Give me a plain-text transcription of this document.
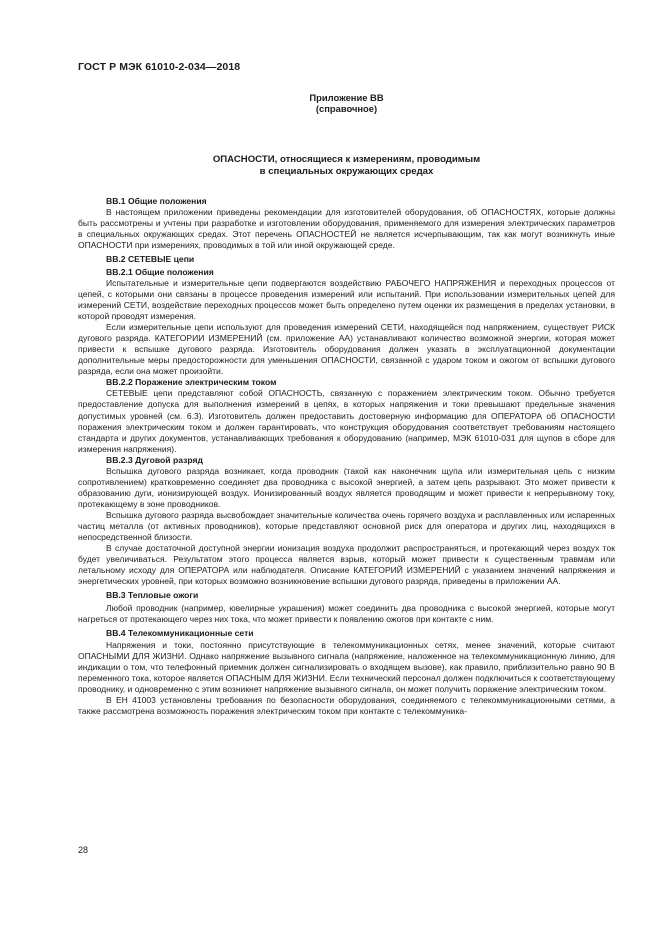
ГОСТ Р МЭК 61010-2-034—2018
Приложение ВВ
(справочное)
ОПАСНОСТИ, относящиеся к измерениям, проводимым
в специальных окружающих средах
ВВ.1 Общие положения

В настоящем приложении приведены рекомендации для изготовителей оборудования, об ОПАСНОСТЯХ, которые должны быть рассмотрены и учтены при разработке и изготовлении оборудования, применяемого для измерения электрических параметров в специальных окружающих средах. Этот перечень ОПАСНОСТЕЙ не является исчерпывающим, так как могут возникнуть иные ОПАСНОСТИ при измерениях, проводимых в той или иной окружающей среде.

ВВ.2 СЕТЕВЫЕ цепи
ВВ.2.1 Общие положения

Испытательные и измерительные цепи подвергаются воздействию РАБОЧЕГО НАПРЯЖЕНИЯ и переходных процессов от цепей, с которыми они связаны в процессе проведения измерений или испытаний. При использовании измерительных цепей для измерений СЕТИ, воздействие переходных процессов может быть определено путем оценки их размещения в пределах установки, в которой проводят измерения.

Если измерительные цепи используют для проведения измерений СЕТИ, находящейся под напряжением, существует РИСК дугового разряда. КАТЕГОРИИ ИЗМЕРЕНИЙ (см. приложение АА) устанавливают количество возможной энергии, которая может привести к вспышке дугового разряда. Изготовитель оборудования должен указать в эксплуатационной документации дополнительные меры предосторожности для уменьшения ОПАСНОСТИ, связанной с ударом током и ожогом от вспышки дугового разряда, если она может произойти.

ВВ.2.2 Поражение электрическим током

СЕТЕВЫЕ цепи представляют собой ОПАСНОСТЬ, связанную с поражением электрическим током. Обычно требуется предоставление допуска для выполнения измерений в цепях, в которых напряжения и токи превышают предельные значения допустимых уровней (см. 6.3). Изготовитель должен предоставить достоверную информацию для ОПЕРАТОРА об ОПАСНОСТИ поражения электрическим током и должен гарантировать, что конструкция оборудования соответствует требованиям настоящего стандарта и других документов, устанавливающих требования к оборудованию (например, МЭК 61010-031 для щупов в сборе для измерения напряжения).

ВВ.2.3 Дуговой разряд

Вспышка дугового разряда возникает, когда проводник (такой как наконечник щупа или измерительная цепь с низким сопротивлением) кратковременно соединяет два проводника с высокой энергией, а затем цепь разрывают. Это может привести к образованию дуги, ионизирующей воздух. Ионизированный воздух является проводящим и может привести к непрерывному току, протекающему в зоне проводников.

Вспышка дугового разряда высвобождает значительные количества очень горячего воздуха и расплавленных или испаренных частиц металла (от активных проводников), которые представляют основной риск для оператора и других лиц, находящихся в непосредственной близости.

В случае достаточной доступной энергии ионизация воздуха продолжит распространяться, и протекающий через воздух ток будет увеличиваться. Результатом этого процесса является взрыв, который может привести к существенным травмам или летальному исходу для ОПЕРАТОРА или наблюдателя. Описание КАТЕГОРИЙ ИЗМЕРЕНИЙ с указанием значений напряжения и энергетических уровней, при которых возможно возникновение вспышки дугового разряда, приведены в приложении АА.

ВВ.3 Тепловые ожоги

Любой проводник (например, ювелирные украшения) может соединить два проводника с высокой энергией, которые могут нагреться от протекающего через них тока, что может привести к появлению ожогов при контакте с ним.

ВВ.4 Телекоммуникационные сети

Напряжения и токи, постоянно присутствующие в телекоммуникационных сетях, менее значений, которые считают ОПАСНЫМИ ДЛЯ ЖИЗНИ. Однако напряжение вызывного сигнала (напряжение, наложенное на телекоммуникационную линию, для индикации о том, что телефонный приемник должен сигнализировать о входящем вызове), как правило, приблизительно равно 90 В переменного тока, которое является ОПАСНЫМ ДЛЯ ЖИЗНИ. Если технический персонал должен подключиться к соответствующему проводнику, и одновременно с этим возникнет напряжение вызывного сигнала, он может получить поражение электрическим током.

В ЕН 41003 установлены требования по безопасности оборудования, соединяемого с телекоммуникационными сетями, а также рассмотрена возможность поражения электрическим током при контакте с телекоммуника-

28
